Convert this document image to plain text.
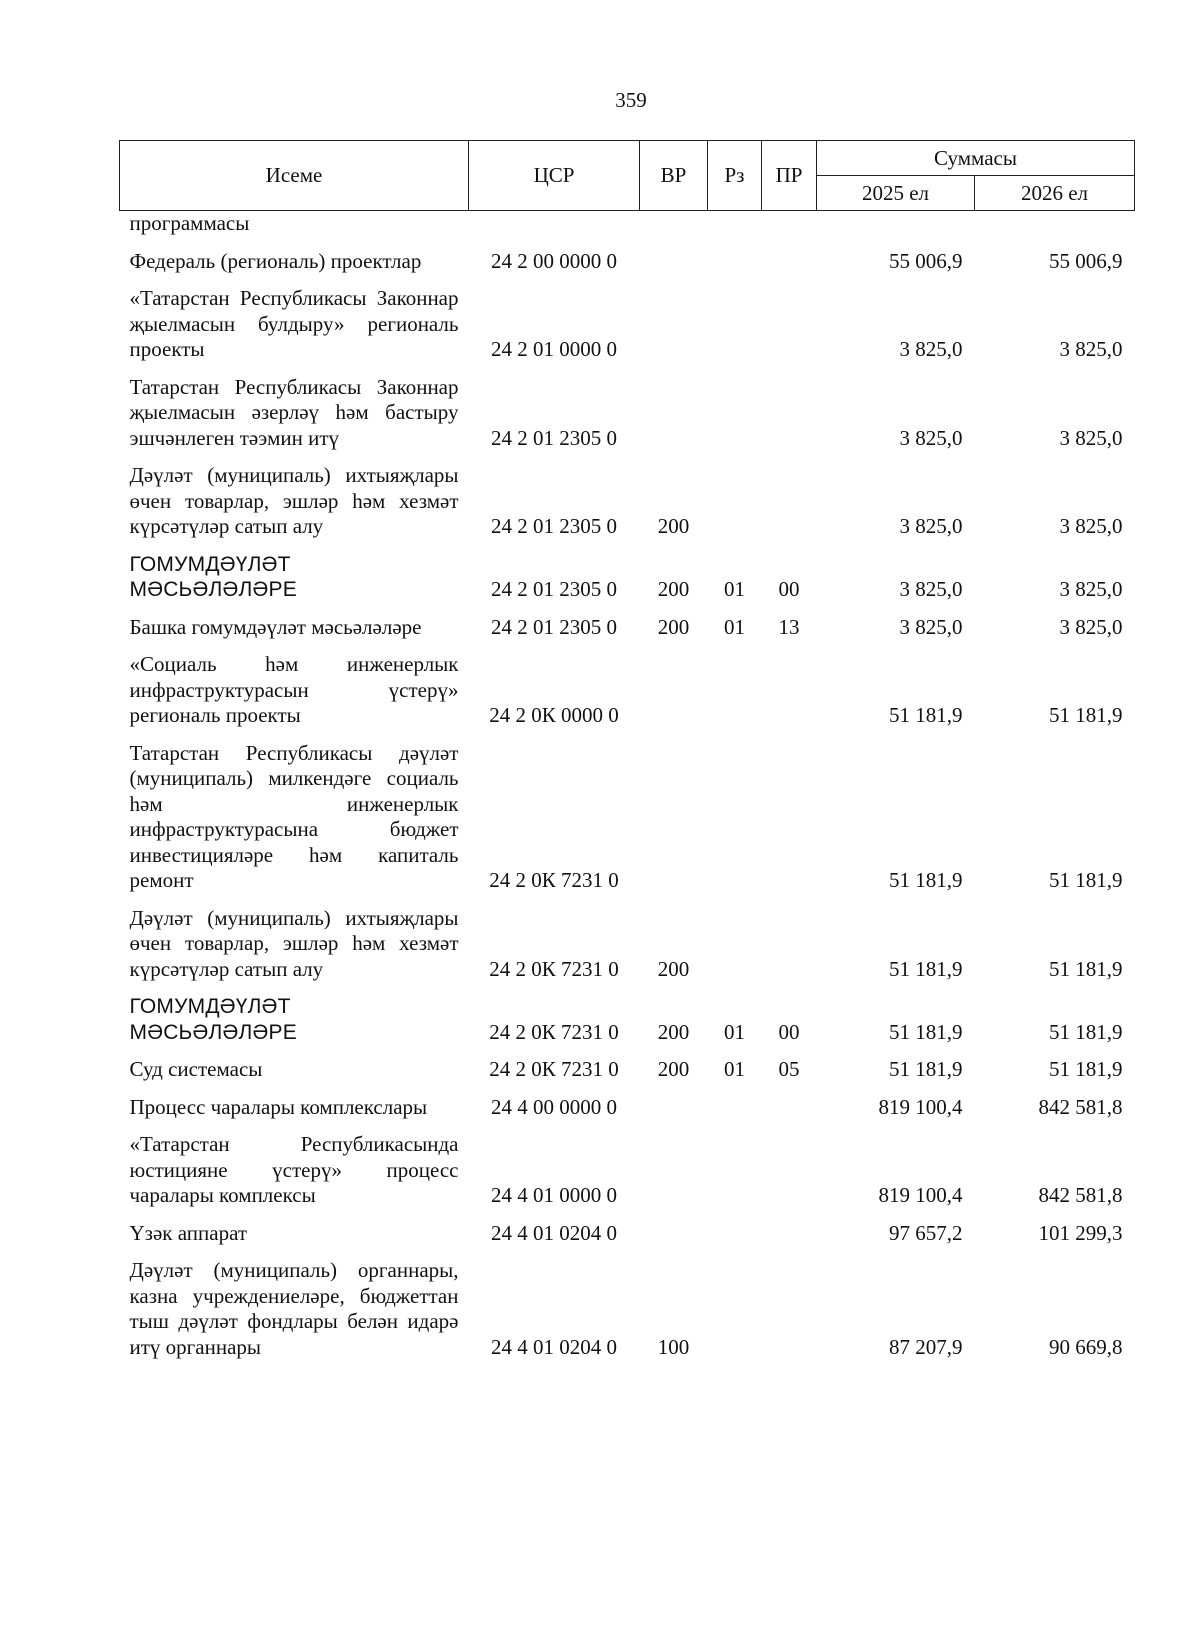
359
Исеме	ЦСР	ВР	Рз	ПР	Суммасы	
					2025 ел	2026 ел
программасы						
Федераль (региональ) проектлар	24 2 00 0000 0				55 006,9	55 006,9
«Татарстан Республикасы Законнар җыелмасын булдыру» региональ проекты	24 2 01 0000 0				3 825,0	3 825,0
Татарстан Республикасы Законнар җыелмасын әзерләү һәм бастыру эшчәнлеген тәэмин итү	24 2 01 2305 0				3 825,0	3 825,0
Дәүләт (муниципаль) ихтыяҗлары өчен товарлар, эшләр һәм хезмәт күрсәтүләр сатып алу	24 2 01 2305 0	200			3 825,0	3 825,0
ГОМУМДӘҮЛӘТ МӘСЬӘЛӘЛӘРЕ	24 2 01 2305 0	200	01	00	3 825,0	3 825,0
Башка гомумдәүләт мәсьәләләре	24 2 01 2305 0	200	01	13	3 825,0	3 825,0
«Социаль һәм инженерлык инфраструктурасын үстерү» региональ проекты	24 2 0К 0000 0				51 181,9	51 181,9
Татарстан Республикасы дәүләт (муниципаль) милкендәге социаль һәм инженерлык инфраструктурасына бюджет инвестицияләре һәм капиталь ремонт	24 2 0К 7231 0				51 181,9	51 181,9
Дәүләт (муниципаль) ихтыяҗлары өчен товарлар, эшләр һәм хезмәт күрсәтүләр сатып алу	24 2 0К 7231 0	200			51 181,9	51 181,9
ГОМУМДӘҮЛӘТ МӘСЬӘЛӘЛӘРЕ	24 2 0К 7231 0	200	01	00	51 181,9	51 181,9
Суд системасы	24 2 0К 7231 0	200	01	05	51 181,9	51 181,9
Процесс чаралары комплекслары	24 4 00 0000 0				819 100,4	842 581,8
«Татарстан Республикасында юстицияне үстерү» процесс чаралары комплексы	24 4 01 0000 0				819 100,4	842 581,8
Үзәк аппарат	24 4 01 0204 0				97 657,2	101 299,3
Дәүләт (муниципаль) органнары, казна учреждениеләре, бюджеттан тыш дәүләт фондлары белән идарә итү органнары	24 4 01 0204 0	100			87 207,9	90 669,8
